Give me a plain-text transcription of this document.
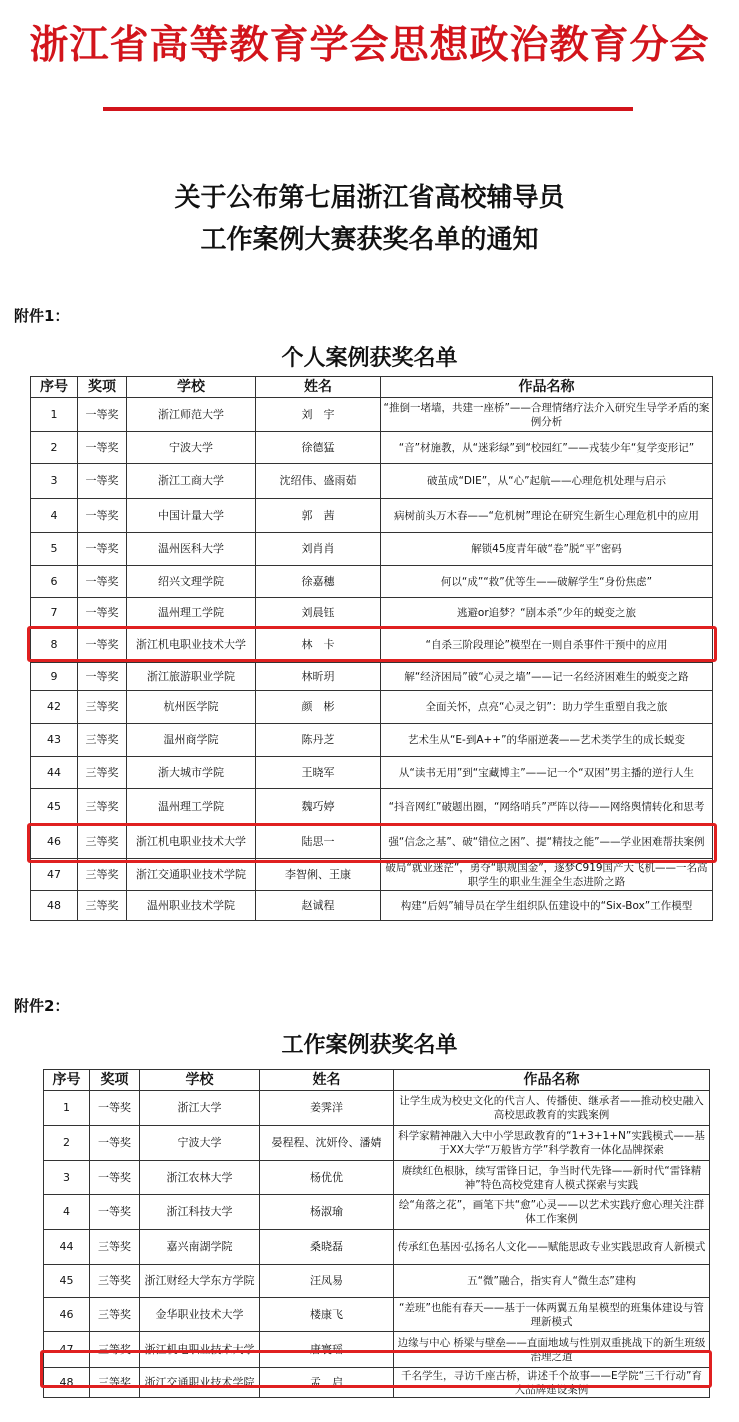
浙江省高等教育学会思想政治教育分会
关于公布第七届浙江省高校辅导员
工作案例大赛获奖名单的通知
附件1：
个人案例获奖名单
序号	奖项	学校	姓名	作品名称
1	一等奖	浙江师范大学	刘　宇	“推倒一堵墙，共建一座桥”——合理情绪疗法介入研究生导学矛盾的案例分析
2	一等奖	宁波大学	徐德猛	“音”材施教，从“迷彩绿”到“校园红”——戎装少年“复学变形记”
3	一等奖	浙江工商大学	沈绍伟、盛雨茹	破茧成“DIE”，从“心”起航——心理危机处理与启示
4	一等奖	中国计量大学	郭　茜	病树前头万木春——“危机树”理论在研究生新生心理危机中的应用
5	一等奖	温州医科大学	刘肖肖	解锁45度青年破“卷”脱“平”密码
6	一等奖	绍兴文理学院	徐嘉穗	何以“成”“救”优等生——破解学生“身份焦虑”
7	一等奖	温州理工学院	刘晨钰	逃避or追梦？“剧本杀”少年的蜕变之旅
8	一等奖	浙江机电职业技术大学	林　卡	“自杀三阶段理论”模型在一则自杀事件干预中的应用
9	一等奖	浙江旅游职业学院	林昕玥	解“经济困局”破“心灵之墙”——记一名经济困难生的蜕变之路
42	三等奖	杭州医学院	颜　彬	全面关怀，点亮“心灵之钥”：助力学生重塑自我之旅
43	三等奖	温州商学院	陈丹芝	艺术生从“E-到A++”的华丽逆袭——艺术类学生的成长蜕变
44	三等奖	浙大城市学院	王晓军	从“读书无用”到“宝藏博主”——记一个“双困”男主播的逆行人生
45	三等奖	温州理工学院	魏巧婷	“抖音网红”破题出圈，“网络哨兵”严阵以待——网络舆情转化和思考
46	三等奖	浙江机电职业技术大学	陆思一	强“信念之基”、破“错位之困”、提“精技之能”——学业困难帮扶案例
47	三等奖	浙江交通职业技术学院	李智俐、王康	破局“就业迷茫”，勇夺“职规国金”，逐梦C919国产大飞机——一名高职学生的职业生涯全生态进阶之路
48	三等奖	温州职业技术学院	赵诚程	构建“后妈”辅导员在学生组织队伍建设中的“Six-Box”工作模型
附件2：
工作案例获奖名单
序号	奖项	学校	姓名	作品名称
1	一等奖	浙江大学	姜霁洋	让学生成为校史文化的代言人、传播使、继承者——推动校史融入高校思政教育的实践案例
2	一等奖	宁波大学	晏程程、沈妍伶、潘婧	科学家精神融入大中小学思政教育的“1+3+1+N”实践模式——基于XX大学“万般皆方学”科学教育一体化品牌探索
3	一等奖	浙江农林大学	杨优优	赓续红色根脉，续写雷锋日记，争当时代先锋——新时代“雷锋精神”特色高校党建育人模式探索与实践
4	一等奖	浙江科技大学	杨淑瑜	绘“角落之花”，画笔下共“愈”心灵——以艺术实践疗愈心理关注群体工作案例
44	三等奖	嘉兴南湖学院	桑晓磊	传承红色基因·弘扬名人文化——赋能思政专业实践思政育人新模式
45	三等奖	浙江财经大学东方学院	汪凤易	五“微”融合，指实育人“微生态”建构
46	三等奖	金华职业技术大学	楼康飞	“差班”也能有春天——基于一体两翼五角星模型的班集体建设与管理新模式
47	三等奖	浙江机电职业技术大学	唐寰瑶	边缘与中心 桥梁与壁垒——直面地域与性别双重挑战下的新生班级治理之道
48	三等奖	浙江交通职业技术学院	孟　启	千名学生，寻访千座古桥，讲述千个故事——E学院“三千行动”育人品牌建设案例
